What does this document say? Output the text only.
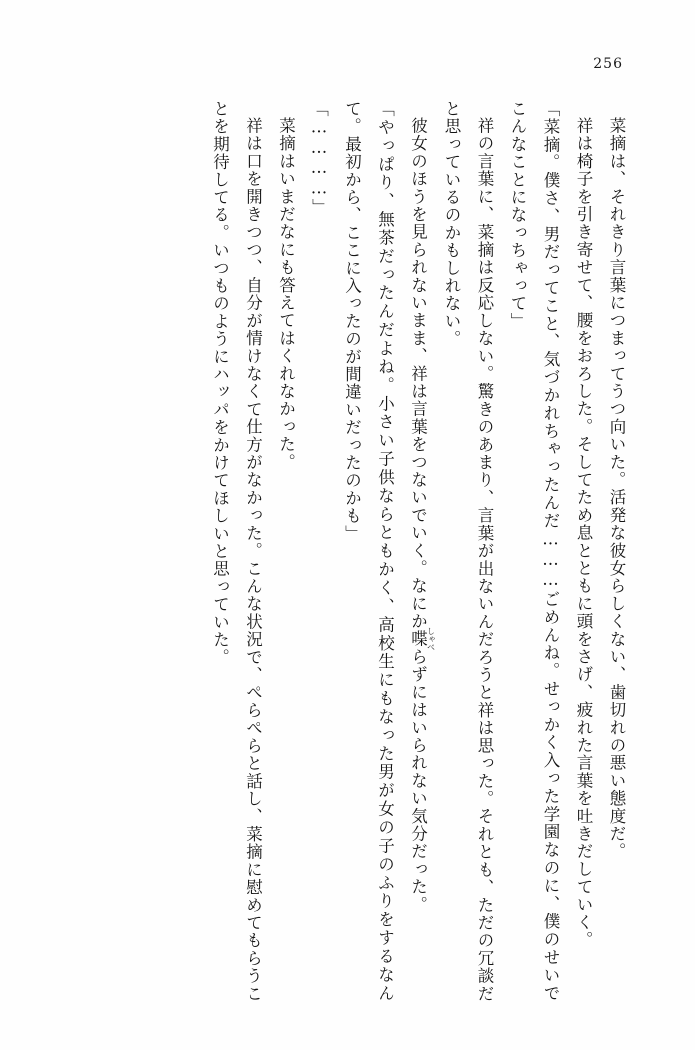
256

菜摘は、それきり言葉につまってうつ向いた。活発な彼女らしくない、歯切れの悪い態度だ。

祥は椅子を引き寄せて、腰をおろした。そしてため息とともに頭をさげ、疲れた言葉を吐きだしていく。

「菜摘。僕さ、男だってこと、気づかれちゃったんだ………ごめんね。せっかく入った学園なのに、僕のせいでこんなことになっちゃって」

祥の言葉に、菜摘は反応しない。驚きのあまり、言葉が出ないんだろうと祥は思った。それとも、ただの冗談だと思っているのかもしれない。

彼女のほうを見られないまま、祥は言葉をつないでいく。なにか喋 しゃべらずにはいられない気分だった。

「やっぱり、無茶だったんだよね。小さい子供ならともかく、高校生にもなった男が女の子のふりをするなんて。最初から、ここに入ったのが間違いだったのかも」

「…………」

菜摘はいまだなにも答えてはくれなかった。

祥は口を開きつつ、自分が情けなくて仕方がなかった。こんな状況で、ぺらぺらと話し、菜摘に慰めてもらうことを期待してる。いつものようにハッパをかけてほしいと思っていた。
